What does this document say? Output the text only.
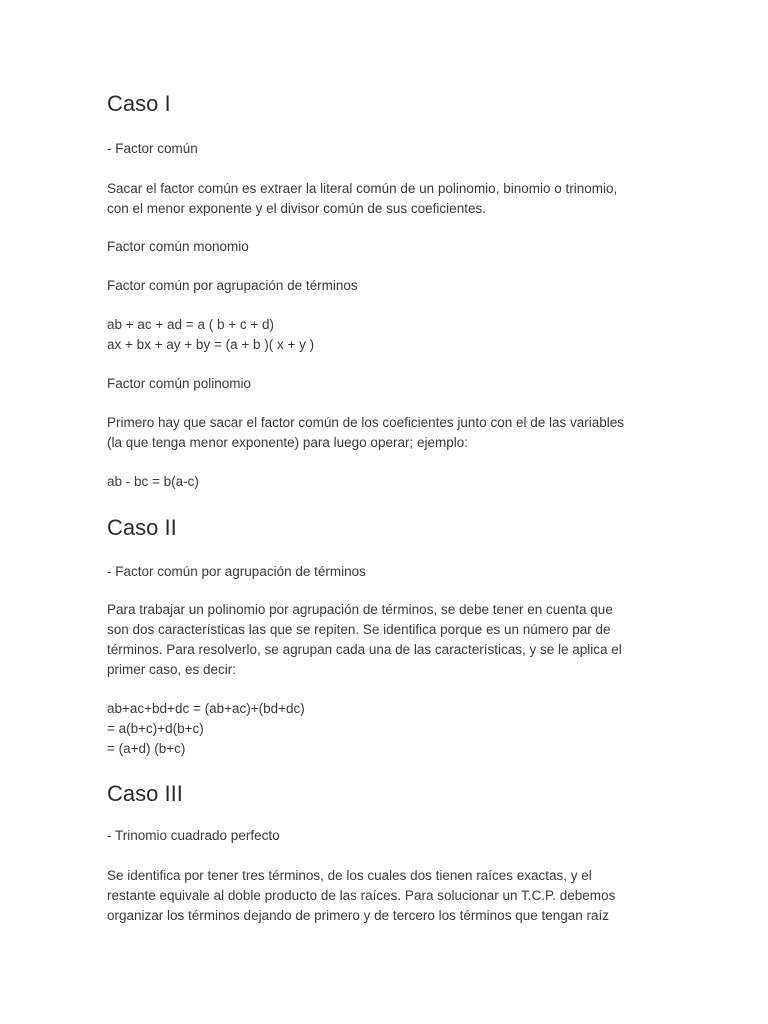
Caso I

- Factor común

Sacar el factor común es extraer la literal común de un polinomio, binomio o trinomio,
con el menor exponente y el divisor común de sus coeficientes.

Factor común monomio

Factor común por agrupación de términos

ab + ac + ad = a ( b + c + d)
ax + bx + ay + by = (a + b )( x + y )

Factor común polinomio

Primero hay que sacar el factor común de los coeficientes junto con el de las variables
(la que tenga menor exponente) para luego operar; ejemplo:

ab - bc = b(a-c)

Caso II

- Factor común por agrupación de términos

Para trabajar un polinomio por agrupación de términos, se debe tener en cuenta que
son dos características las que se repiten. Se identifica porque es un número par de
términos. Para resolverlo, se agrupan cada una de las características, y se le aplica el
primer caso, es decir:

ab+ac+bd+dc = (ab+ac)+(bd+dc)
= a(b+c)+d(b+c)
= (a+d) (b+c)

Caso III

- Trinomio cuadrado perfecto

Se identifica por tener tres términos, de los cuales dos tienen raíces exactas, y el
restante equivale al doble producto de las raíces. Para solucionar un T.C.P. debemos
organizar los términos dejando de primero y de tercero los términos que tengan raíz
